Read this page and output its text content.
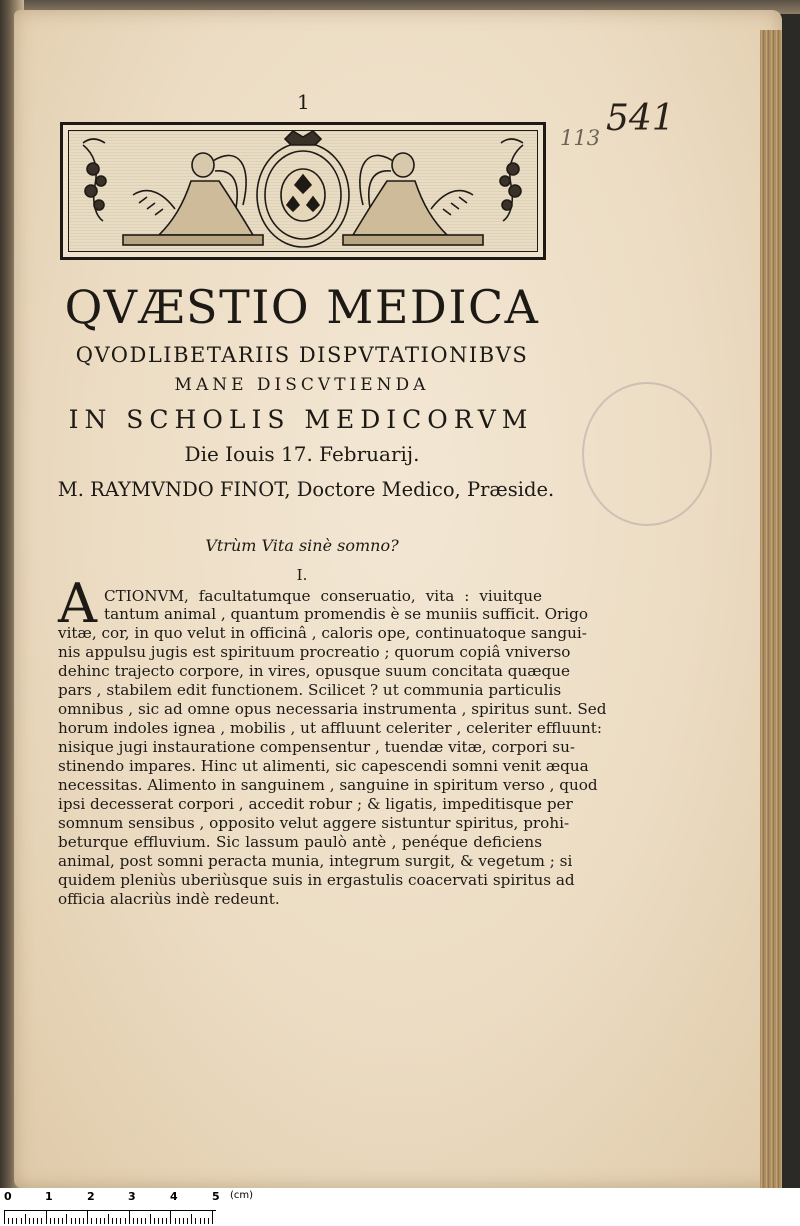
1
113 541
QVÆSTIO MEDICA
QVODLIBETARIIS DISPVTATIONIBVS
MANE DISCVTIENDA
IN SCHOLIS MEDICORVM
Die Iouis 17. Februarij.
M. RAYMVNDO FINOT, Doctore Medico, Præside.
Vtrùm Vita sinè somno?
I.
A CTIONVM, facultatumque conseruatio, vita : viuitque
tantum animal , quantum promendis è se muniis sufficit. Origo
vitæ, cor, in quo velut in officinâ , caloris ope, continuatoque sangui-
nis appulsu jugis est spirituum procreatio ; quorum copiâ vniverso
dehinc trajecto corpore, in vires, opusque suum concitata quæque
pars , stabilem edit functionem. Scilicet ? ut communia particulis
omnibus , sic ad omne opus necessaria instrumenta , spiritus sunt. Sed
horum indoles ignea , mobilis , ut affluunt celeriter , celeriter effluunt:
nisique jugi instauratione compensentur , tuendæ vitæ, corpori su-
stinendo impares. Hinc ut alimenti, sic capescendi somni venit æqua
necessitas. Alimento in sanguinem , sanguine in spiritum verso , quod
ipsi decesserat corpori , accedit robur ; & ligatis, impeditisque per
somnum sensibus , opposito velut aggere sistuntur spiritus, prohi-
beturque effluvium. Sic lassum paulò antè , penéque deficiens
animal, post somni peracta munia, integrum surgit, & vegetum ; si
quidem pleniùs uberiùsque suis in ergastulis coacervati spiritus ad
officia alacriùs indè redeunt.
0	1	2	3	4	5 (cm)
